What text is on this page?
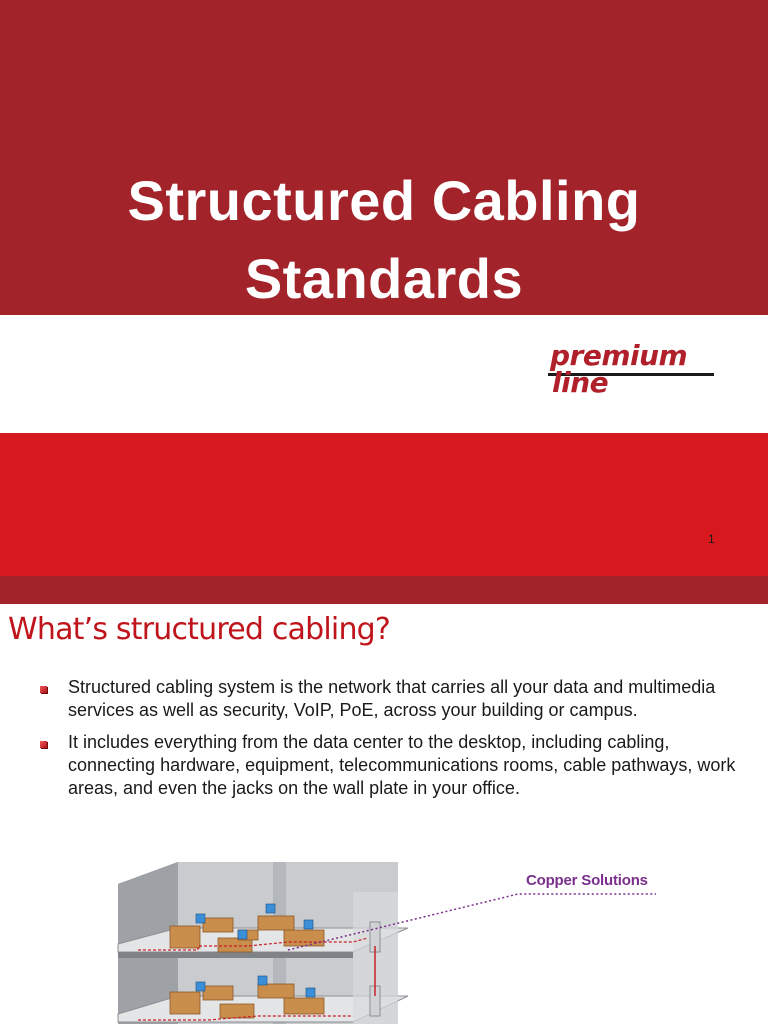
Structured Cabling
Standards
premium
line
1
What’s structured cabling?
Structured cabling system is the network that carries all your data and multimedia services as well as security, VoIP, PoE, across your building or campus.
It includes everything from the data center to the desktop, including cabling, connecting hardware, equipment, telecommunications rooms, cable pathways, work areas, and even the jacks on the wall plate in your office.
Copper Solutions
